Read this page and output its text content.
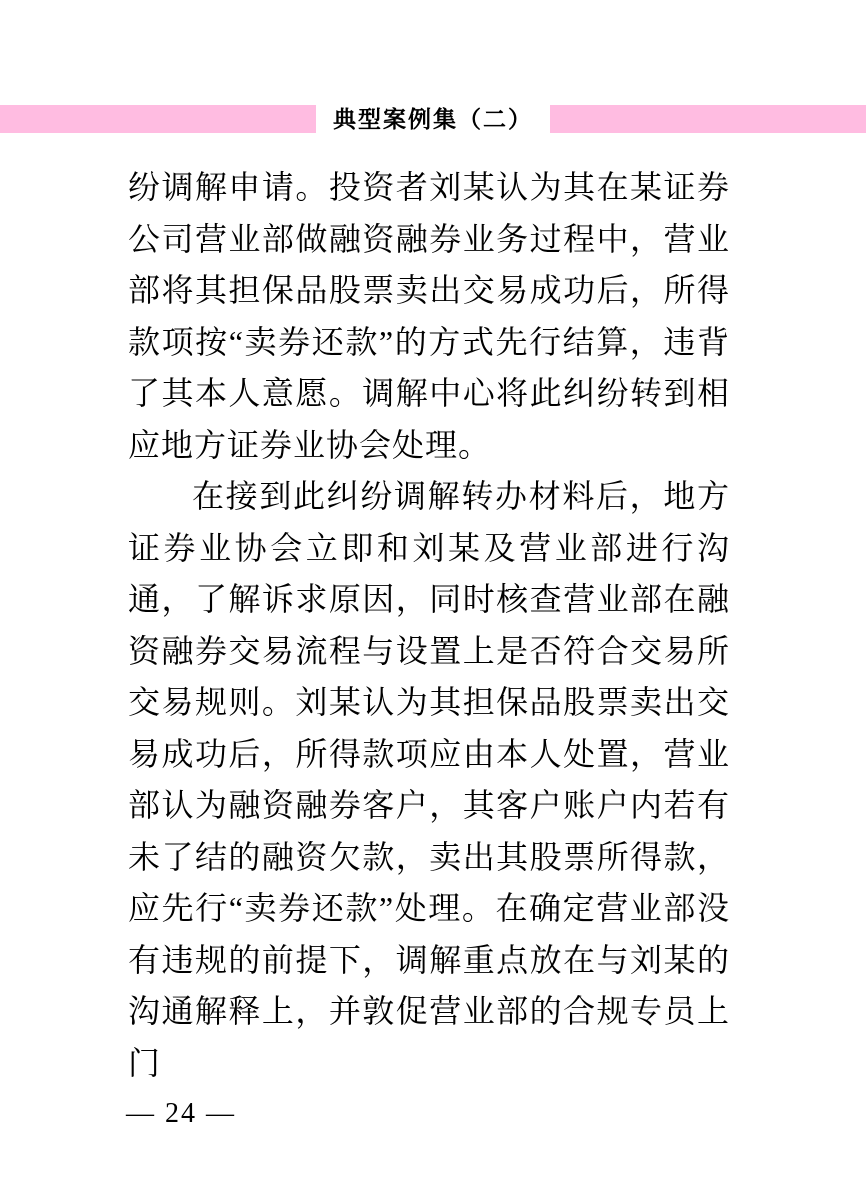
典型案例集（二）

纷调解申请。投资者刘某认为其在某证券公司营业部做融资融券业务过程中，营业部将其担保品股票卖出交易成功后，所得款项按“卖券还款”的方式先行结算，违背了其本人意愿。调解中心将此纠纷转到相应地方证券业协会处理。

在接到此纠纷调解转办材料后，地方证券业协会立即和刘某及营业部进行沟通，了解诉求原因，同时核查营业部在融资融券交易流程与设置上是否符合交易所交易规则。刘某认为其担保品股票卖出交易成功后，所得款项应由本人处置，营业部认为融资融券客户，其客户账户内若有未了结的融资欠款，卖出其股票所得款，应先行“卖券还款”处理。在确定营业部没有违规的前提下，调解重点放在与刘某的沟通解释上，并敦促营业部的合规专员上门

— 24 —
